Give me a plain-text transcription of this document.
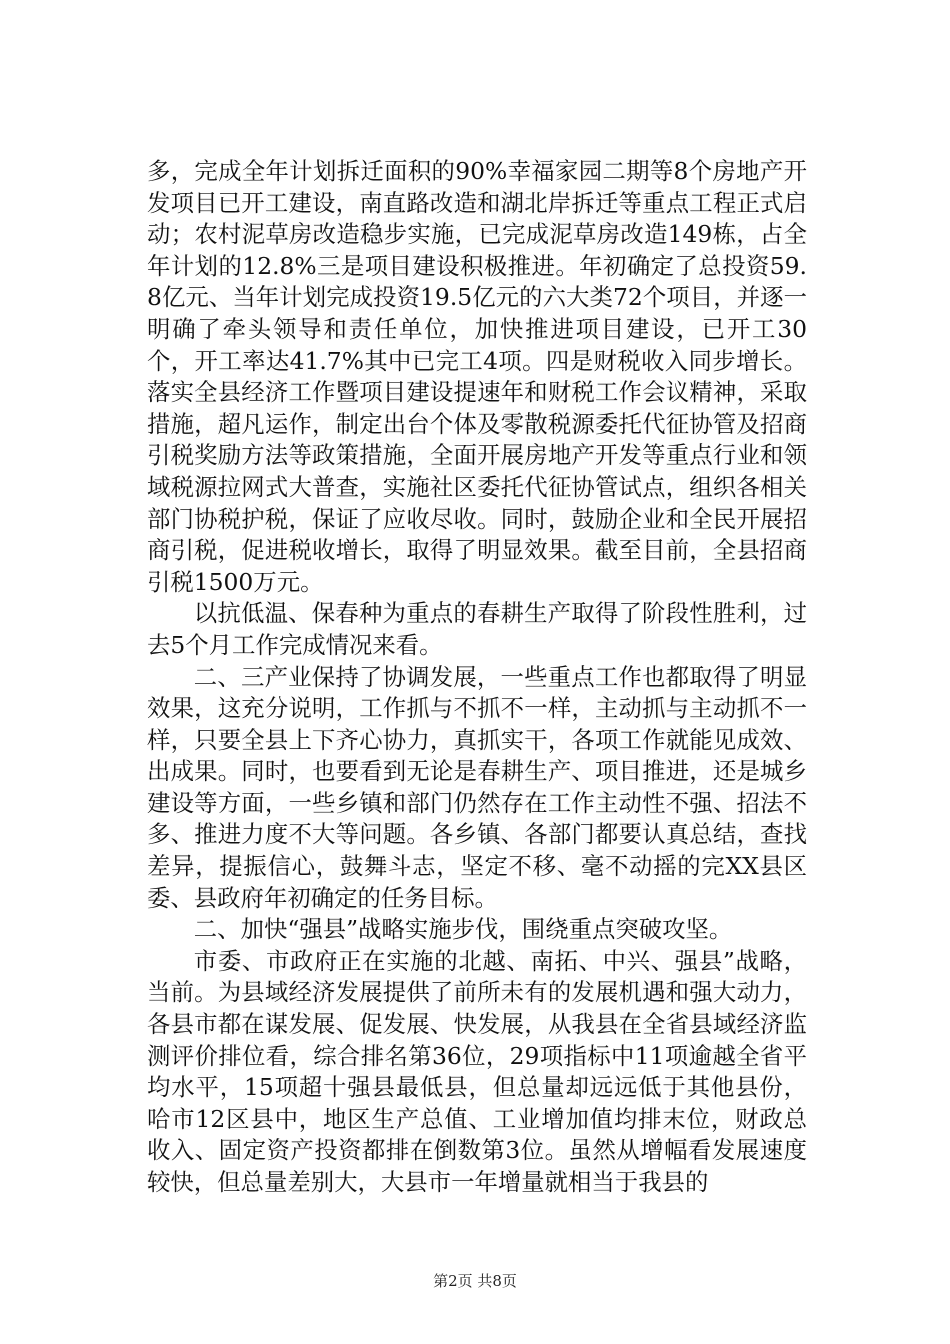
多，完成全年计划拆迁面积的90%幸福家园二期等8个房地产开发项目已开工建设，南直路改造和湖北岸拆迁等重点工程正式启动；农村泥草房改造稳步实施，已完成泥草房改造149栋，占全年计划的12.8%三是项目建设积极推进。年初确定了总投资59.8亿元、当年计划完成投资19.5亿元的六大类72个项目，并逐一明确了牵头领导和责任单位，加快推进项目建设，已开工30个，开工率达41.7%其中已完工4项。四是财税收入同步增长。落实全县经济工作暨项目建设提速年和财税工作会议精神，采取措施，超凡运作，制定出台个体及零散税源委托代征协管及招商引税奖励方法等政策措施，全面开展房地产开发等重点行业和领域税源拉网式大普查，实施社区委托代征协管试点，组织各相关部门协税护税，保证了应收尽收。同时，鼓励企业和全民开展招商引税，促进税收增长，取得了明显效果。截至目前，全县招商引税1500万元。

以抗低温、保春种为重点的春耕生产取得了阶段性胜利，过去5个月工作完成情况来看。

二、三产业保持了协调发展，一些重点工作也都取得了明显效果，这充分说明，工作抓与不抓不一样，主动抓与主动抓不一样，只要全县上下齐心协力，真抓实干，各项工作就能见成效、出成果。同时，也要看到无论是春耕生产、项目推进，还是城乡建设等方面，一些乡镇和部门仍然存在工作主动性不强、招法不多、推进力度不大等问题。各乡镇、各部门都要认真总结，查找差异，提振信心，鼓舞斗志，坚定不移、毫不动摇的完XX县区委、县政府年初确定的任务目标。

二、加快“强县”战略实施步伐，围绕重点突破攻坚。

市委、市政府正在实施的北越、南拓、中兴、强县”战略，当前。为县域经济发展提供了前所未有的发展机遇和强大动力，各县市都在谋发展、促发展、快发展，从我县在全省县域经济监测评价排位看，综合排名第36位，29项指标中11项逾越全省平均水平，15项超十强县最低县，但总量却远远低于其他县份，哈市12区县中，地区生产总值、工业增加值均排末位，财政总收入、固定资产投资都排在倒数第3位。虽然从增幅看发展速度较快，但总量差别大，大县市一年增量就相当于我县的

第2页 共8页
